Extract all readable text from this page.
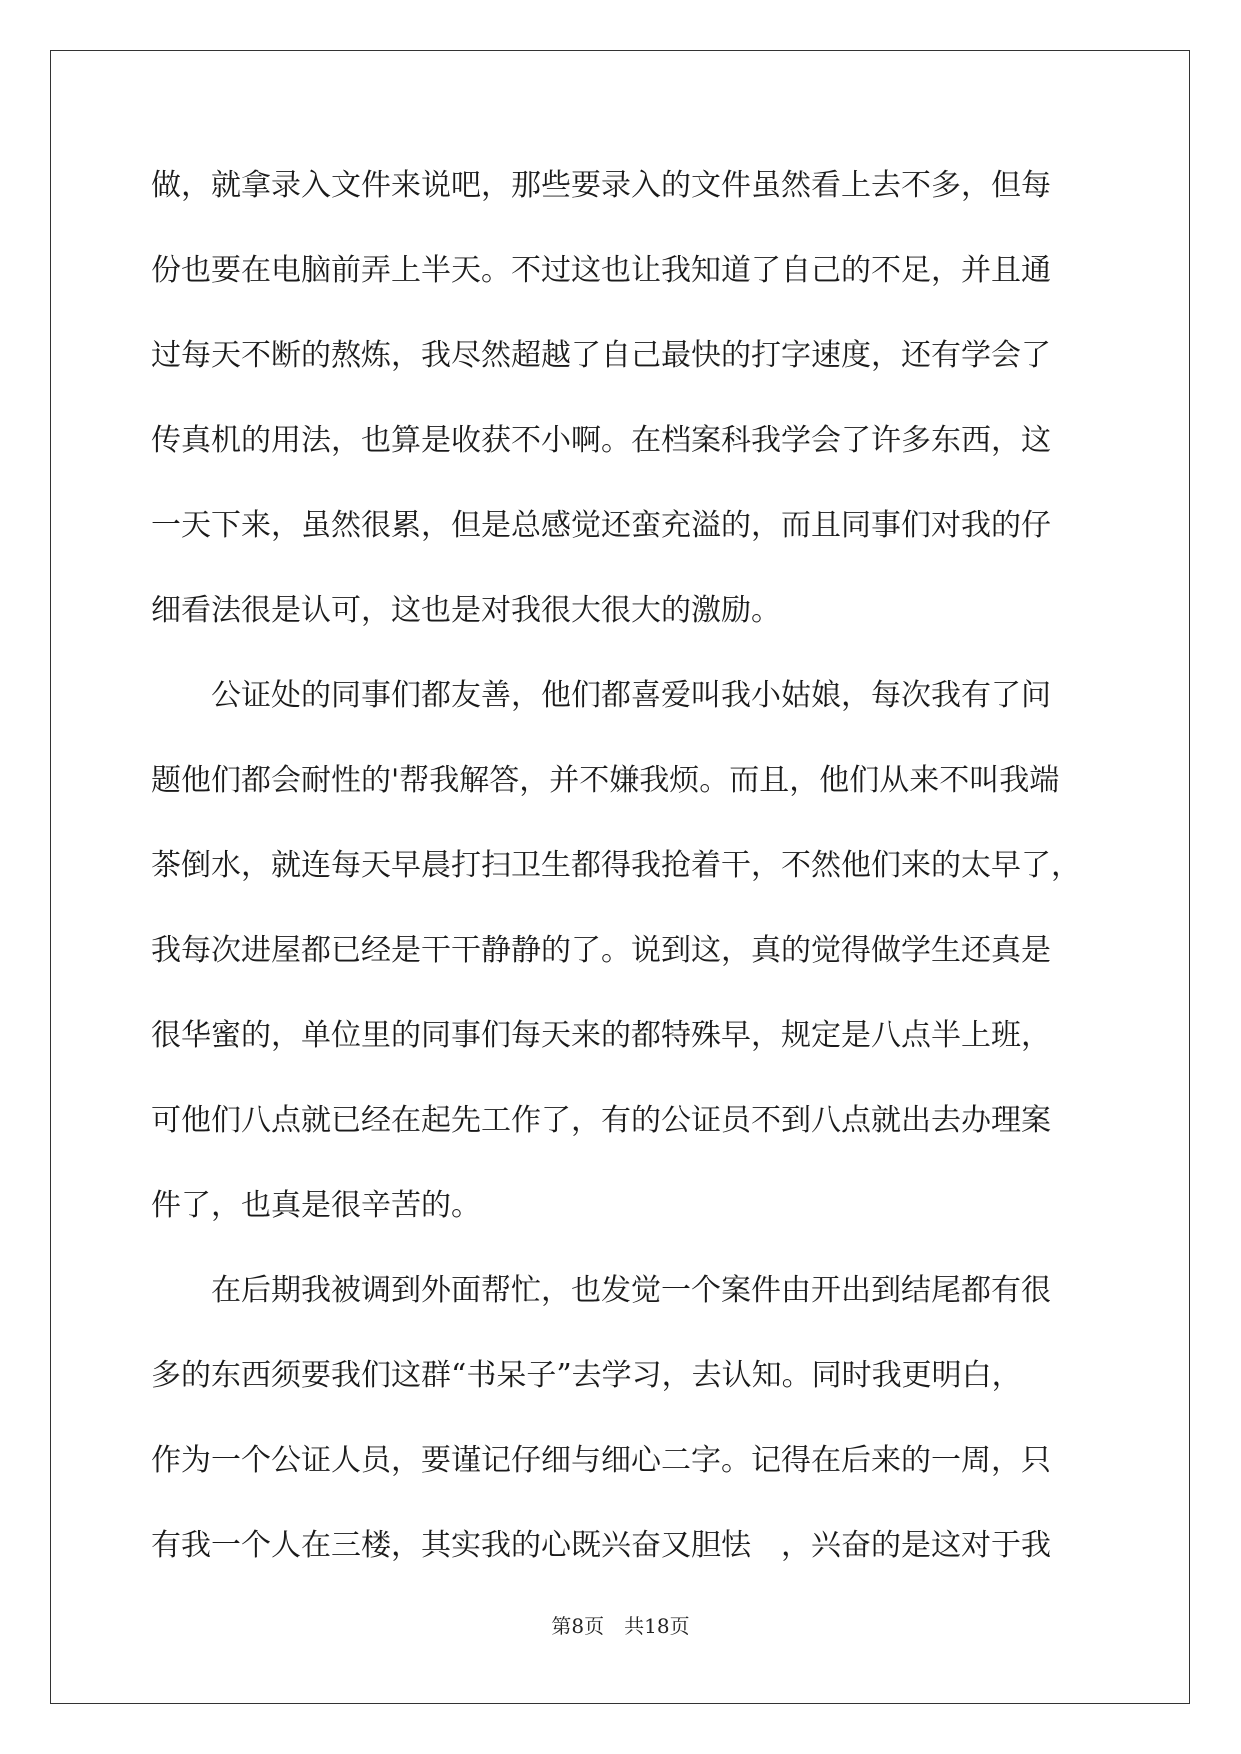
做，就拿录入文件来说吧，那些要录入的文件虽然看上去不多，但每
份也要在电脑前弄上半天。不过这也让我知道了自己的不足，并且通
过每天不断的熬炼，我尽然超越了自己最快的打字速度，还有学会了
传真机的用法，也算是收获不小啊。在档案科我学会了许多东西，这
一天下来，虽然很累，但是总感觉还蛮充溢的，而且同事们对我的仔
细看法很是认可，这也是对我很大很大的激励。
公证处的同事们都友善，他们都喜爱叫我小姑娘，每次我有了问
题他们都会耐性的'帮我解答，并不嫌我烦。而且，他们从来不叫我端
茶倒水，就连每天早晨打扫卫生都得我抢着干，不然他们来的太早了，
我每次进屋都已经是干干静静的了。说到这，真的觉得做学生还真是
很华蜜的，单位里的同事们每天来的都特殊早，规定是八点半上班，
可他们八点就已经在起先工作了，有的公证员不到八点就出去办理案
件了，也真是很辛苦的。
在后期我被调到外面帮忙，也发觉一个案件由开出到结尾都有很
多的东西须要我们这群“书呆子”去学习，去认知。同时我更明白，
作为一个公证人员，要谨记仔细与细心二字。记得在后来的一周，只
有我一个人在三楼，其实我的心既兴奋又胆怯　，兴奋的是这对于我
第8页　共18页
